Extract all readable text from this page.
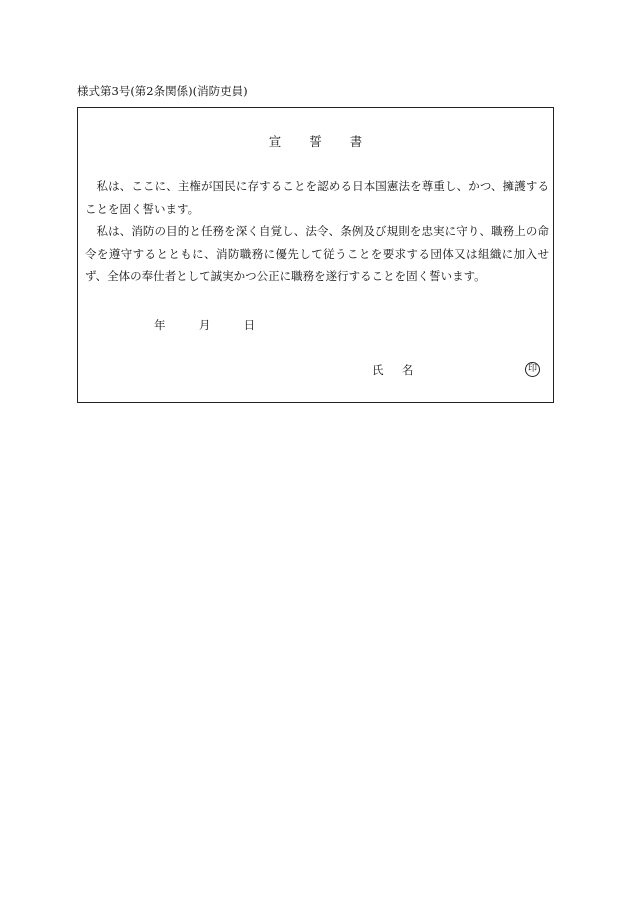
様式第3号(第2条関係)(消防吏員)
宣 誓 書

私は、ここに、主権が国民に存することを認める日本国憲法を尊重し、かつ、擁護することを固く誓います。

私は、消防の目的と任務を深く自覚し、法令、条例及び規則を忠実に守り、職務上の命令を遵守するとともに、消防職務に優先して従うことを要求する団体又は組織に加入せず、全体の奉仕者として誠実かつ公正に職務を遂行することを固く誓います。

年	月	日
氏 名	印
